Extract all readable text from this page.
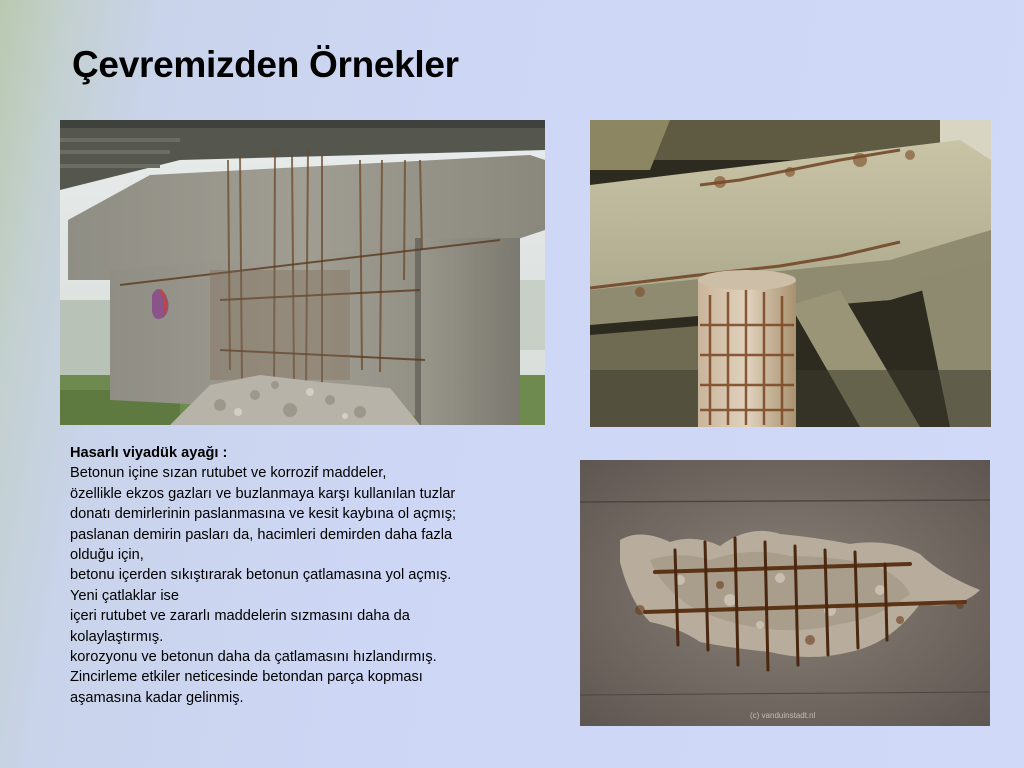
Çevremizden Örnekler
Hasarlı viyadük ayağı :
Betonun içine sızan rutubet ve korrozif maddeler,
özellikle ekzos gazları ve buzlanmaya karşı kullanılan tuzlar
donatı demirlerinin paslanmasına ve kesit kaybına ol açmış;
paslanan demirin pasları da, hacimleri demirden daha fazla
olduğu için,
betonu içerden sıkıştırarak betonun çatlamasına yol açmış.
Yeni çatlaklar ise
içeri rutubet ve zararlı maddelerin sızmasını daha da
kolaylaştırmış.
korozyonu ve betonun daha da çatlamasını hızlandırmış.
Zincirleme etkiler neticesinde betondan parça kopması
aşamasına kadar gelinmiş.
(c) vanduinstadt.nl
